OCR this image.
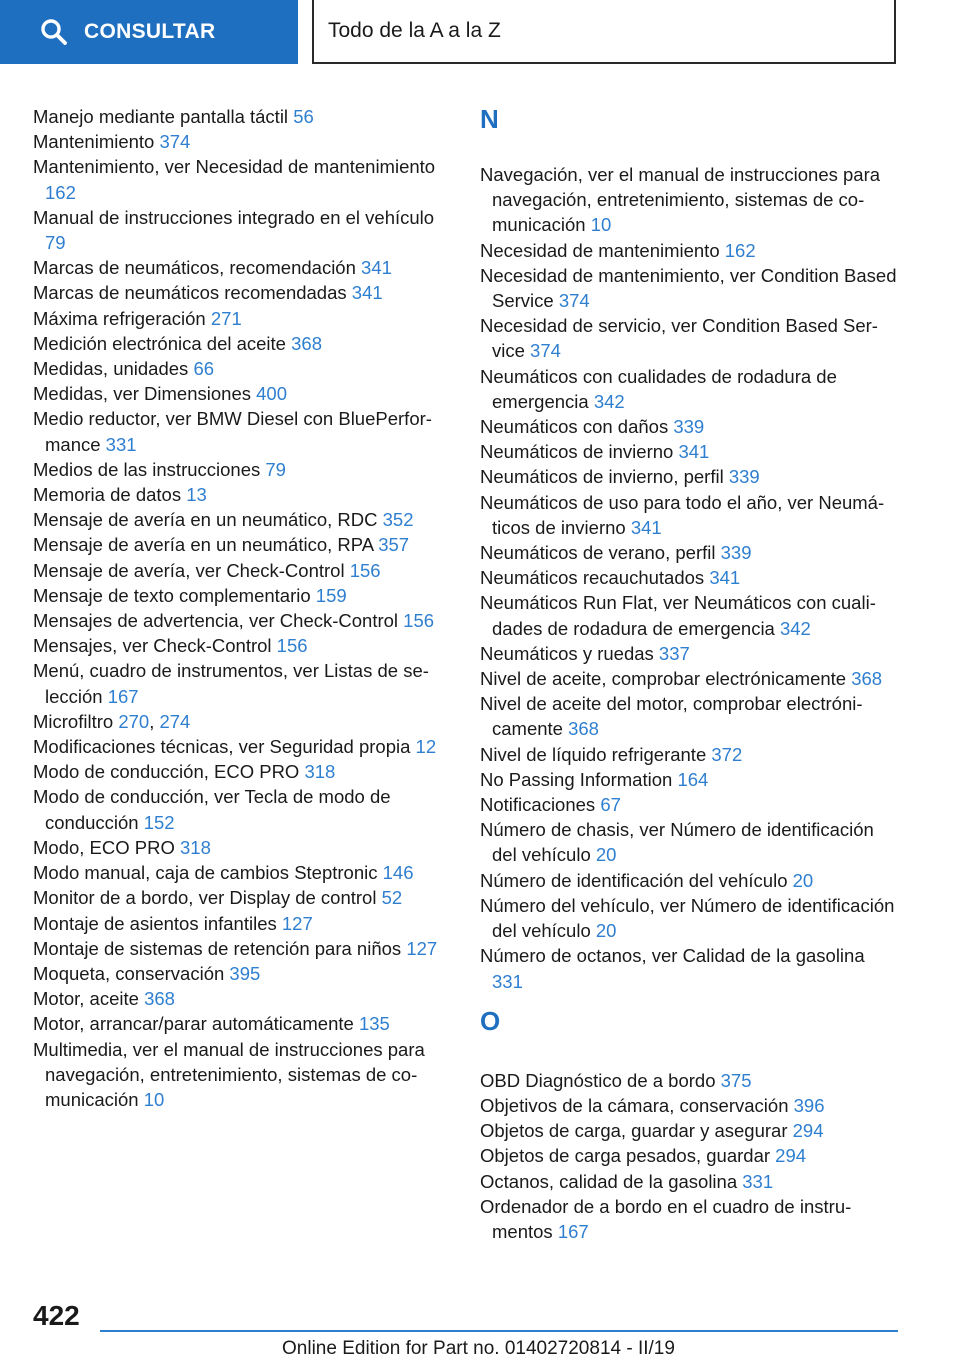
CONSULTAR	Todo de la A a la Z

Manejo mediante pantalla táctil 56

Mantenimiento 374

Mantenimiento, ver Necesidad de mantenimiento 162

Manual de instrucciones integrado en el vehículo 79

Marcas de neumáticos, recomendación 341

Marcas de neumáticos recomendadas 341

Máxima refrigeración 271

Medición electrónica del aceite 368

Medidas, unidades 66

Medidas, ver Dimensiones 400

Medio reductor, ver BMW Diesel con BluePerformance 331

Medios de las instrucciones 79

Memoria de datos 13

Mensaje de avería en un neumático, RDC 352

Mensaje de avería en un neumático, RPA 357

Mensaje de avería, ver Check-Control 156

Mensaje de texto complementario 159

Mensajes de advertencia, ver Check-Control 156

Mensajes, ver Check-Control 156

Menú, cuadro de instrumentos, ver Listas de selección 167

Microfiltro 270, 274

Modificaciones técnicas, ver Seguridad propia 12

Modo de conducción, ECO PRO 318

Modo de conducción, ver Tecla de modo de conducción 152

Modo, ECO PRO 318

Modo manual, caja de cambios Steptronic 146

Monitor de a bordo, ver Display de control 52

Montaje de asientos infantiles 127

Montaje de sistemas de retención para niños 127

Moqueta, conservación 395

Motor, aceite 368

Motor, arrancar/parar automáticamente 135

Multimedia, ver el manual de instrucciones para navegación, entretenimiento, sistemas de comunicación 10

N

Navegación, ver el manual de instrucciones para navegación, entretenimiento, sistemas de comunicación 10

Necesidad de mantenimiento 162

Necesidad de mantenimiento, ver Condition Based Service 374

Necesidad de servicio, ver Condition Based Service 374

Neumáticos con cualidades de rodadura de emergencia 342

Neumáticos con daños 339

Neumáticos de invierno 341

Neumáticos de invierno, perfil 339

Neumáticos de uso para todo el año, ver Neumáticos de invierno 341

Neumáticos de verano, perfil 339

Neumáticos recauchutados 341

Neumáticos Run Flat, ver Neumáticos con cualidades de rodadura de emergencia 342

Neumáticos y ruedas 337

Nivel de aceite, comprobar electrónicamente 368

Nivel de aceite del motor, comprobar electrónicamente 368

Nivel de líquido refrigerante 372

No Passing Information 164

Notificaciones 67

Número de chasis, ver Número de identificación del vehículo 20

Número de identificación del vehículo 20

Número del vehículo, ver Número de identificación del vehículo 20

Número de octanos, ver Calidad de la gasolina 331

O

OBD Diagnóstico de a bordo 375

Objetivos de la cámara, conservación 396

Objetos de carga, guardar y asegurar 294

Objetos de carga pesados, guardar 294

Octanos, calidad de la gasolina 331

Ordenador de a bordo en el cuadro de instrumentos 167

422
Online Edition for Part no. 01402720814 - II/19
